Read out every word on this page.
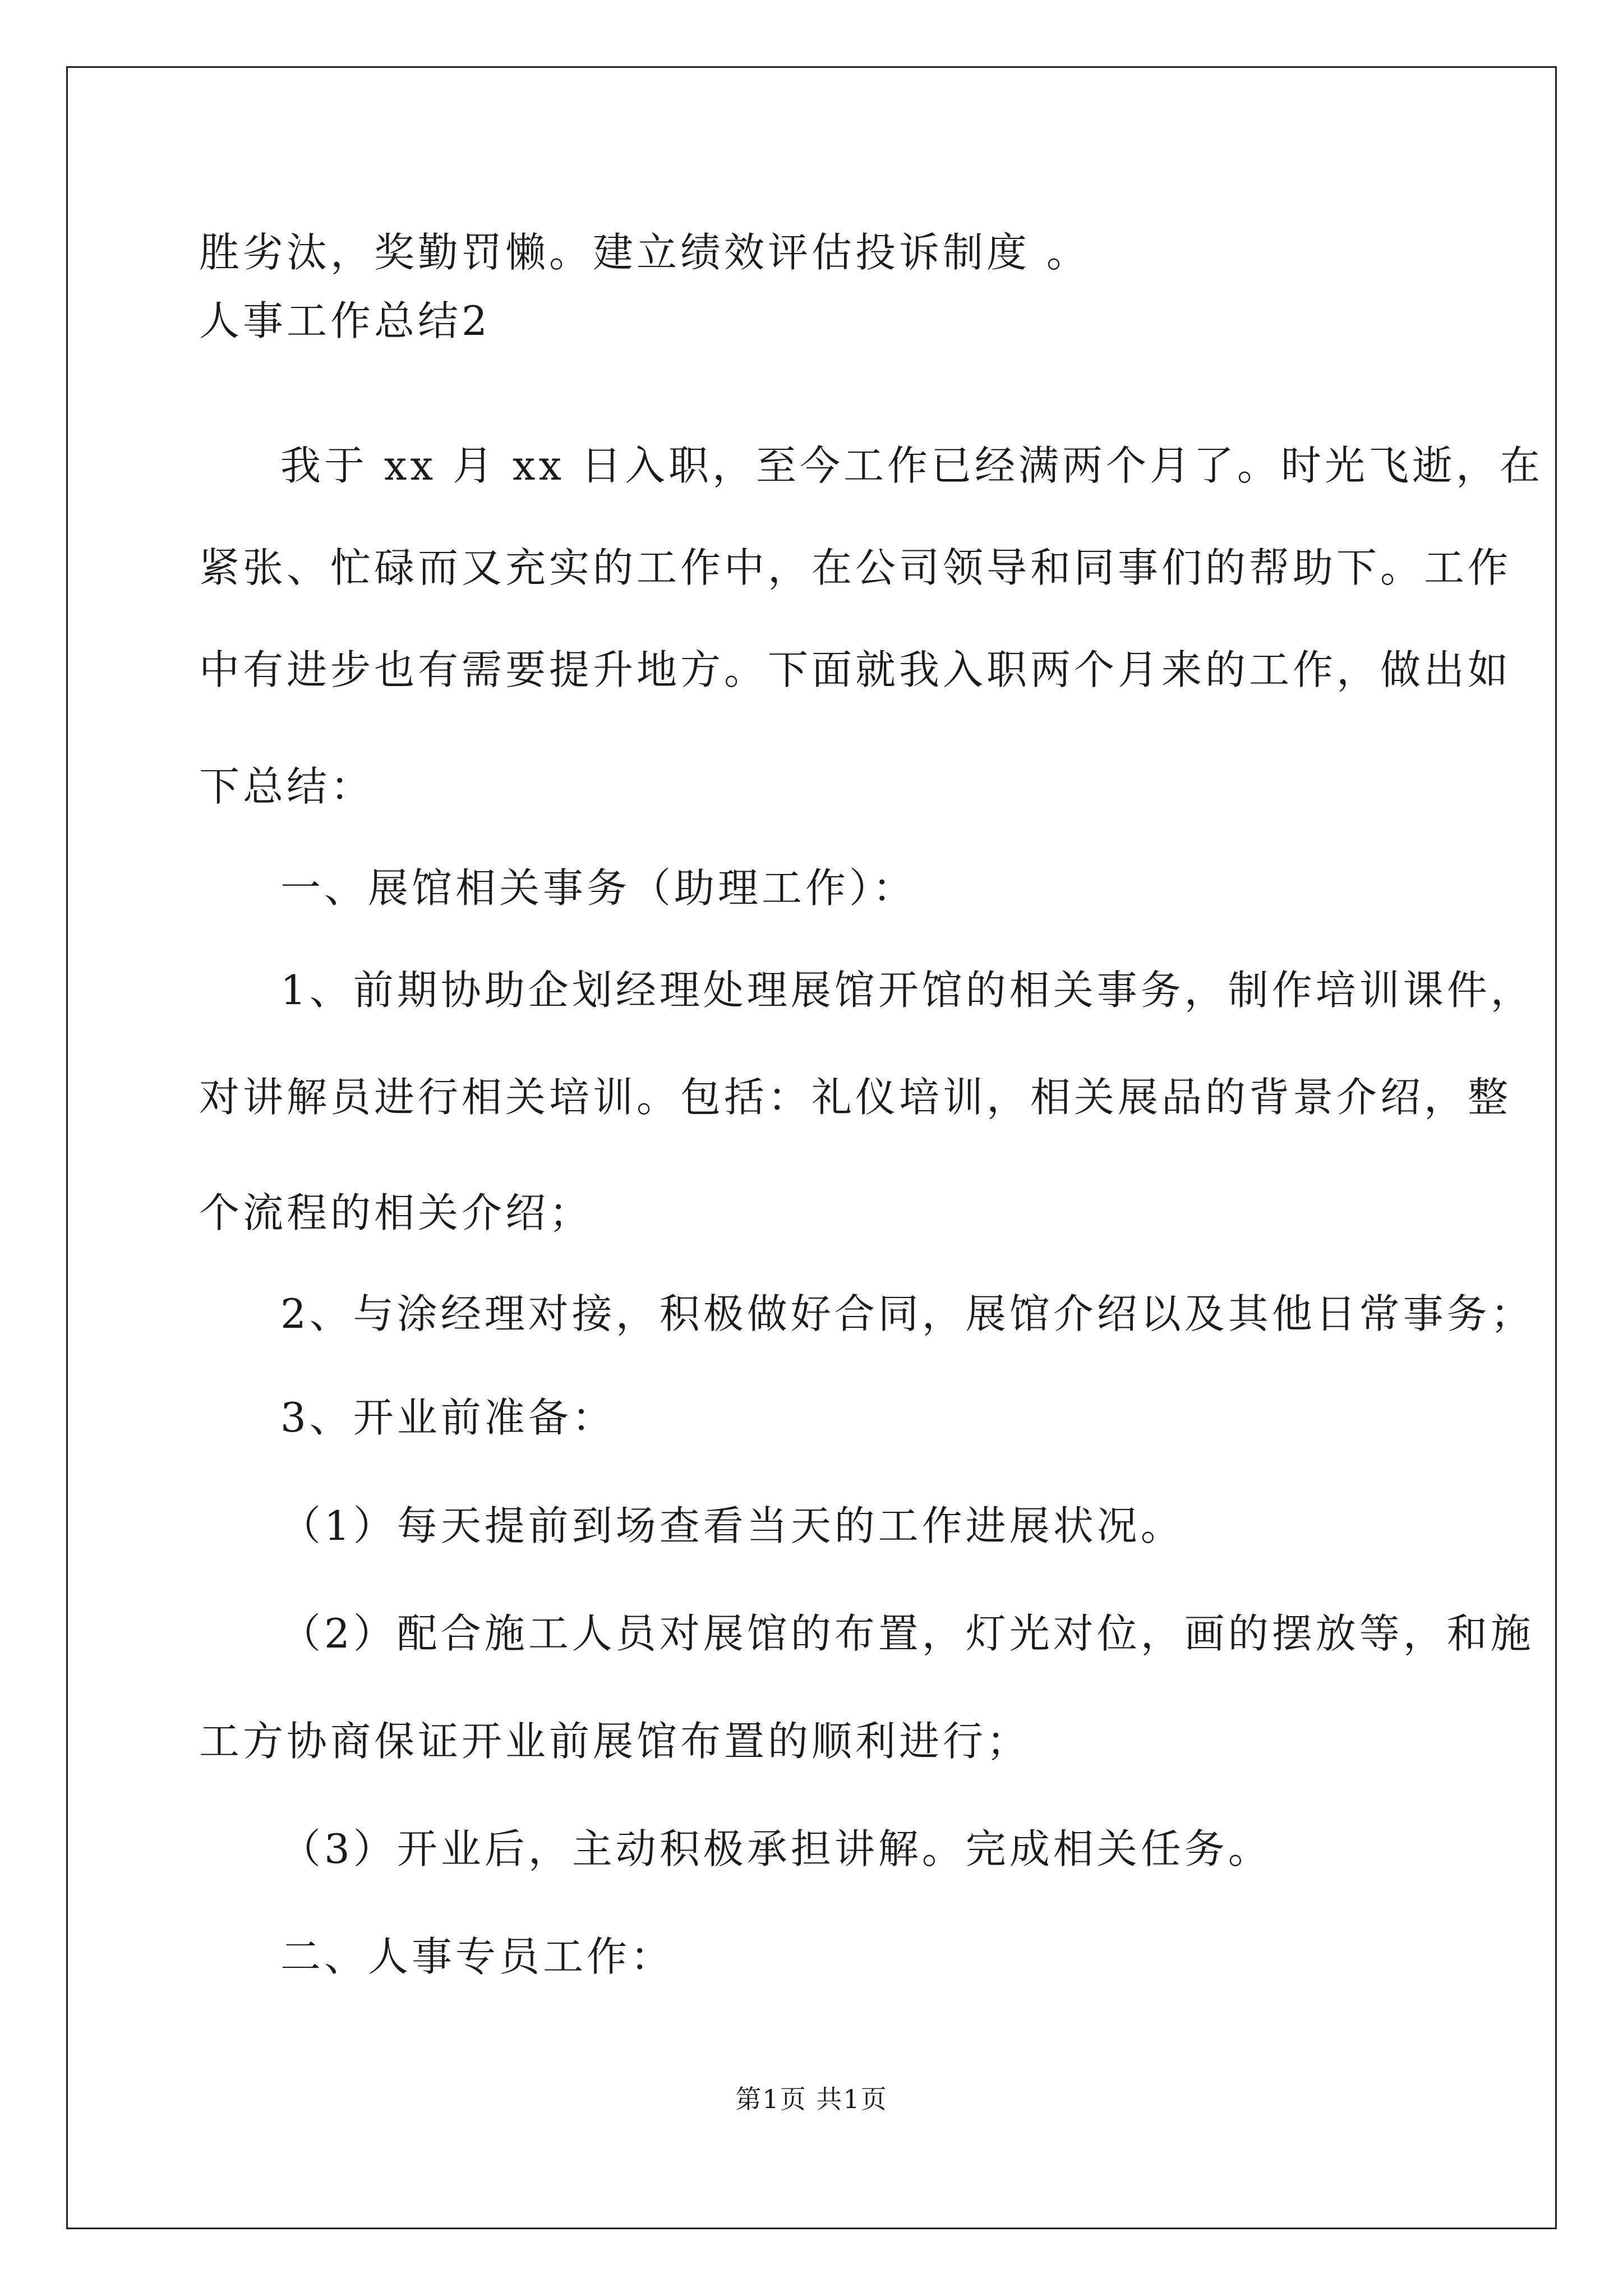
胜劣汰，奖勤罚懒。建立绩效评估投诉制度 。
人事工作总结2
我于 xx 月 xx 日入职，至今工作已经满两个月了。时光飞逝，在
紧张、忙碌而又充实的工作中，在公司领导和同事们的帮助下。工作
中有进步也有需要提升地方。下面就我入职两个月来的工作，做出如
下总结：
一、展馆相关事务（助理工作）：
1、前期协助企划经理处理展馆开馆的相关事务，制作培训课件，
对讲解员进行相关培训。包括：礼仪培训，相关展品的背景介绍，整
个流程的相关介绍；
2、与涂经理对接，积极做好合同，展馆介绍以及其他日常事务；
3、开业前准备：
（1）每天提前到场查看当天的工作进展状况。
（2）配合施工人员对展馆的布置，灯光对位，画的摆放等，和施
工方协商保证开业前展馆布置的顺利进行；
（3）开业后，主动积极承担讲解。完成相关任务。
二、人事专员工作：
第1页 共1页
